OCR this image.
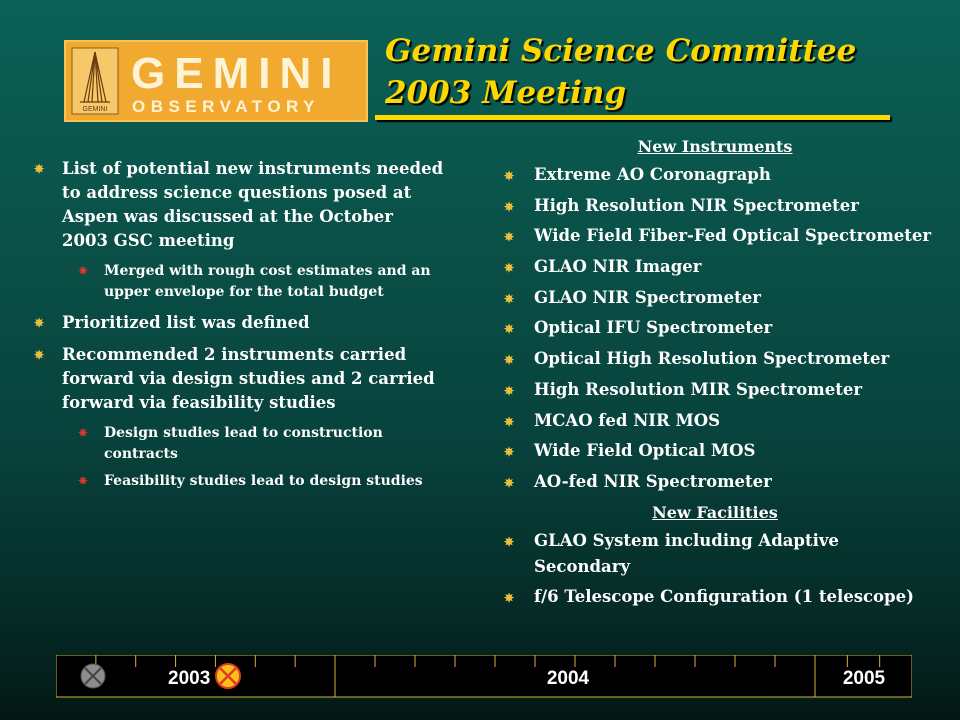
GEMINI
GEMINI
OBSERVATORY
Gemini Science Committee
2003 Meeting
✵ List of potential new instruments needed to address science questions posed at Aspen was discussed at the October 2003 GSC meeting
✷ Merged with rough cost estimates and an upper envelope for the total budget
✵ Prioritized list was defined
✵ Recommended 2 instruments carried forward via design studies and 2 carried forward via feasibility studies
✷ Design studies lead to construction contracts
✷ Feasibility studies lead to design studies
New Instruments
✵ Extreme AO Coronagraph
✵ High Resolution NIR Spectrometer
✵ Wide Field Fiber-Fed Optical Spectrometer
✵ GLAO NIR Imager
✵ GLAO NIR Spectrometer
✵ Optical IFU Spectrometer
✵ Optical High Resolution Spectrometer
✵ High Resolution MIR Spectrometer
✵ MCAO fed NIR MOS
✵ Wide Field Optical MOS
✵ AO-fed NIR Spectrometer
New Facilities
✵ GLAO System including Adaptive Secondary
✵ f/6 Telescope Configuration (1 telescope)
2003	2004	2005
